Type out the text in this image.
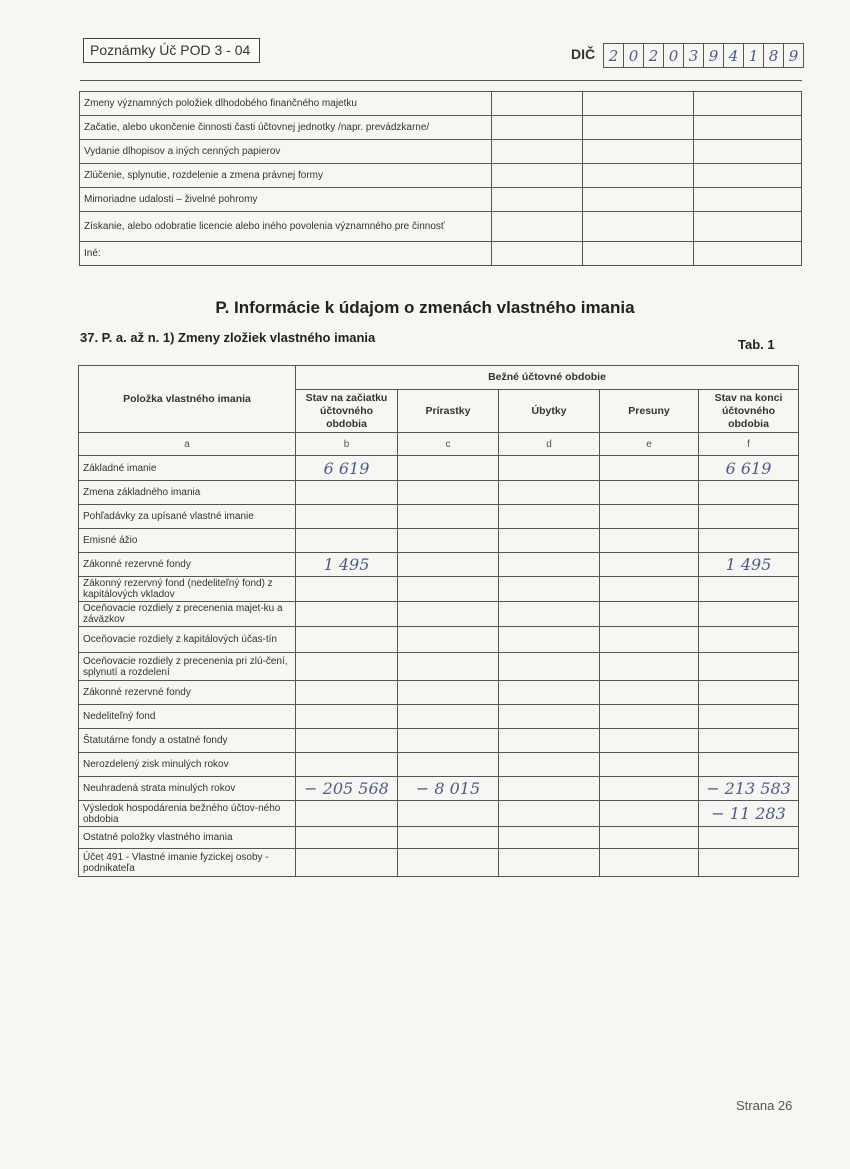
Poznámky Úč POD 3 - 04	DIČ 2 0 2 0 3 9 4 1 8 9
Zmeny významných položiek dlhodobého finančného majetku			
Začatie, alebo ukončenie činnosti časti účtovnej jednotky /napr. prevádzkarne/			
Vydanie dlhopisov a iných cenných papierov			
Zlúčenie, splynutie, rozdelenie a zmena právnej formy			
Mimoriadne udalosti – živelné pohromy			
Získanie, alebo odobratie licencie alebo iného povolenia významného pre činnosť			
Iné:			
P. Informácie k údajom o zmenách vlastného imania
37. P. a. až n. 1) Zmeny zložiek vlastného imania	Tab. 1
Položka vlastného imania	Bežné účtovné obdobie				
	Stav na začiatku účtovného obdobia	Prírastky	Úbytky	Presuny	Stav na konci účtovného obdobia
a	b	c	d	e	f
Základné imanie	6 619				6 619
Zmena základného imania					
Pohľadávky za upísané vlastné imanie					
Emisné ážio					
Zákonné rezervné fondy	1 495				1 495
Zákonný rezervný fond (nedeliteľný fond) z kapitálových vkladov					
Oceňovacie rozdiely z precenenia majet-ku a záväzkov					
Oceňovacie rozdiely z kapitálových účas-tín					
Oceňovacie rozdiely z precenenia pri zlú-čení, splynutí a rozdelení					
Zákonné rezervné fondy					
Nedeliteľný fond					
Štatutárne fondy a ostatné fondy					
Nerozdelený zisk minulých rokov					
Neuhradená strata minulých rokov	− 205 568	− 8 015			− 213 583
Výsledok hospodárenia bežného účtov-ného obdobia					− 11 283
Ostatné položky vlastného imania					
Účet 491 - Vlastné imanie fyzickej osoby - podnikateľa					
Strana 26
